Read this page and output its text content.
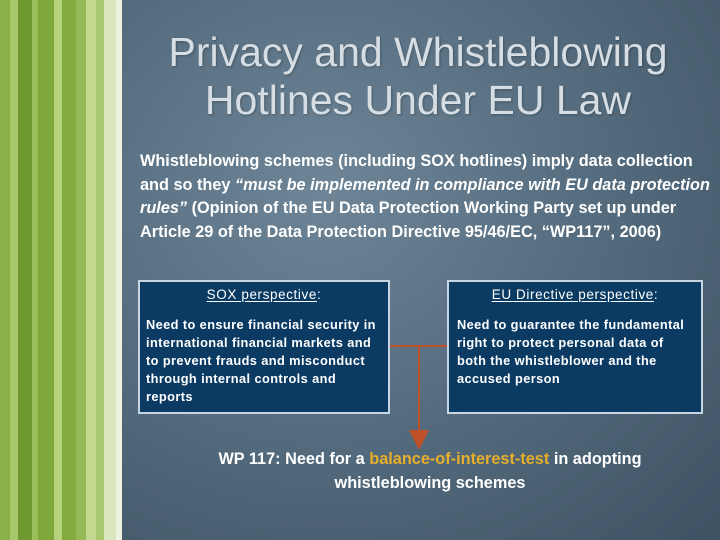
Privacy and Whistleblowing
Hotlines Under EU Law
Whistleblowing schemes (including SOX hotlines) imply data collection and so they “must be implemented in compliance with EU data protection rules” (Opinion of the EU Data Protection Working Party set up under Article 29 of the Data Protection Directive 95/46/EC, “WP117”, 2006)
SOX perspective:
Need to ensure financial security in international financial markets and to prevent frauds and misconduct through internal controls and reports
EU Directive perspective:
Need to guarantee the fundamental right to protect personal data of both the whistleblower and the accused person
WP 117: Need for a balance-of-interest-test in adopting whistleblowing schemes
